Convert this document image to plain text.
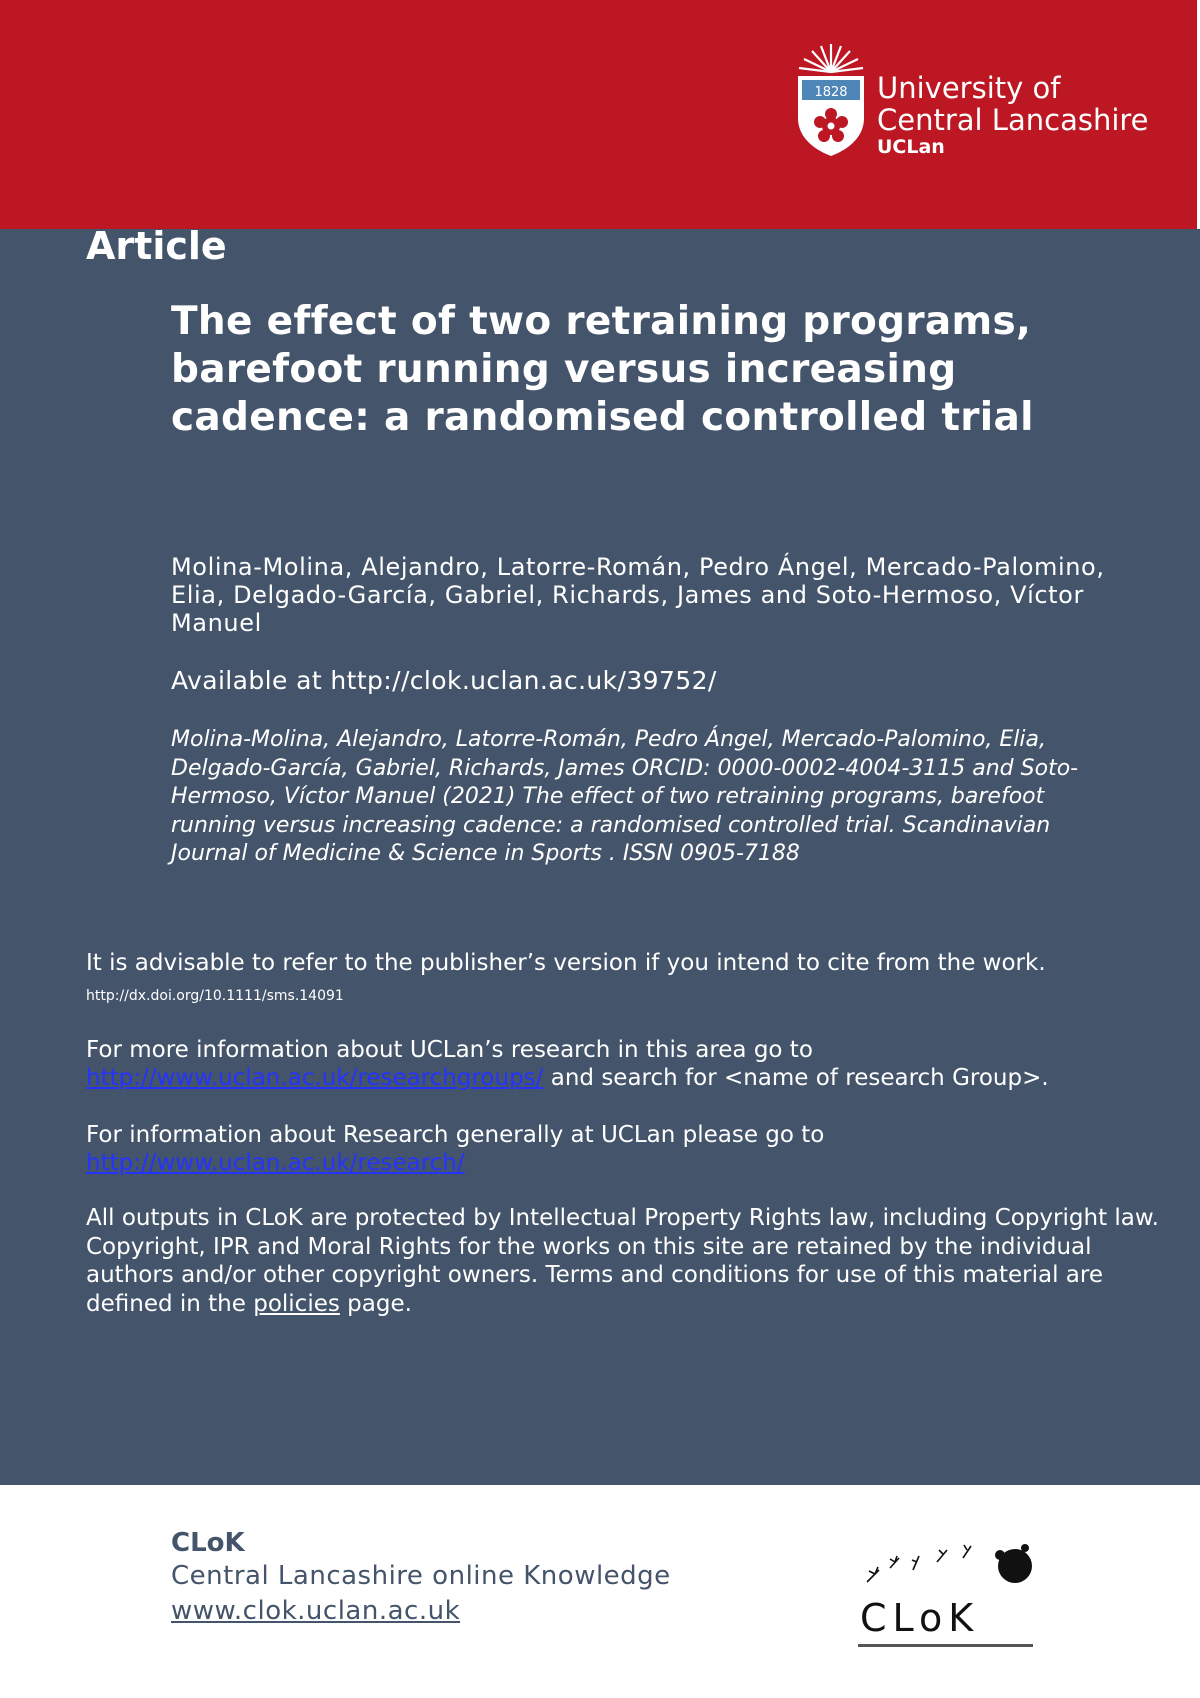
1828 University of
Central Lancashire
UCLan
Article
The effect of two retraining programs, barefoot running versus increasing cadence: a randomised controlled trial
Molina-Molina, Alejandro, Latorre-Román, Pedro Ángel, Mercado-Palomino, Elia, Delgado-García, Gabriel, Richards, James and Soto-Hermoso, Víctor Manuel
Available at http://clok.uclan.ac.uk/39752/
Molina-Molina, Alejandro, Latorre-Román, Pedro Ángel, Mercado-Palomino, Elia, Delgado-García, Gabriel, Richards, James ORCID: 0000-0002-4004-3115 and Soto-Hermoso, Víctor Manuel (2021) The effect of two retraining programs, barefoot running versus increasing cadence: a randomised controlled trial. Scandinavian Journal of Medicine & Science in Sports . ISSN 0905-7188
It is advisable to refer to the publisher’s version if you intend to cite from the work.
http://dx.doi.org/10.1111/sms.14091
For more information about UCLan’s research in this area go to
http://www.uclan.ac.uk/researchgroups/ and search for <name of research Group>.
For information about Research generally at UCLan please go to
http://www.uclan.ac.uk/research/
All outputs in CLoK are protected by Intellectual Property Rights law, including Copyright law. Copyright, IPR and Moral Rights for the works on this site are retained by the individual authors and/or other copyright owners. Terms and conditions for use of this material are defined in the policies page.
CLoK
Central Lancashire online Knowledge
www.clok.uclan.ac.uk	CLoK
